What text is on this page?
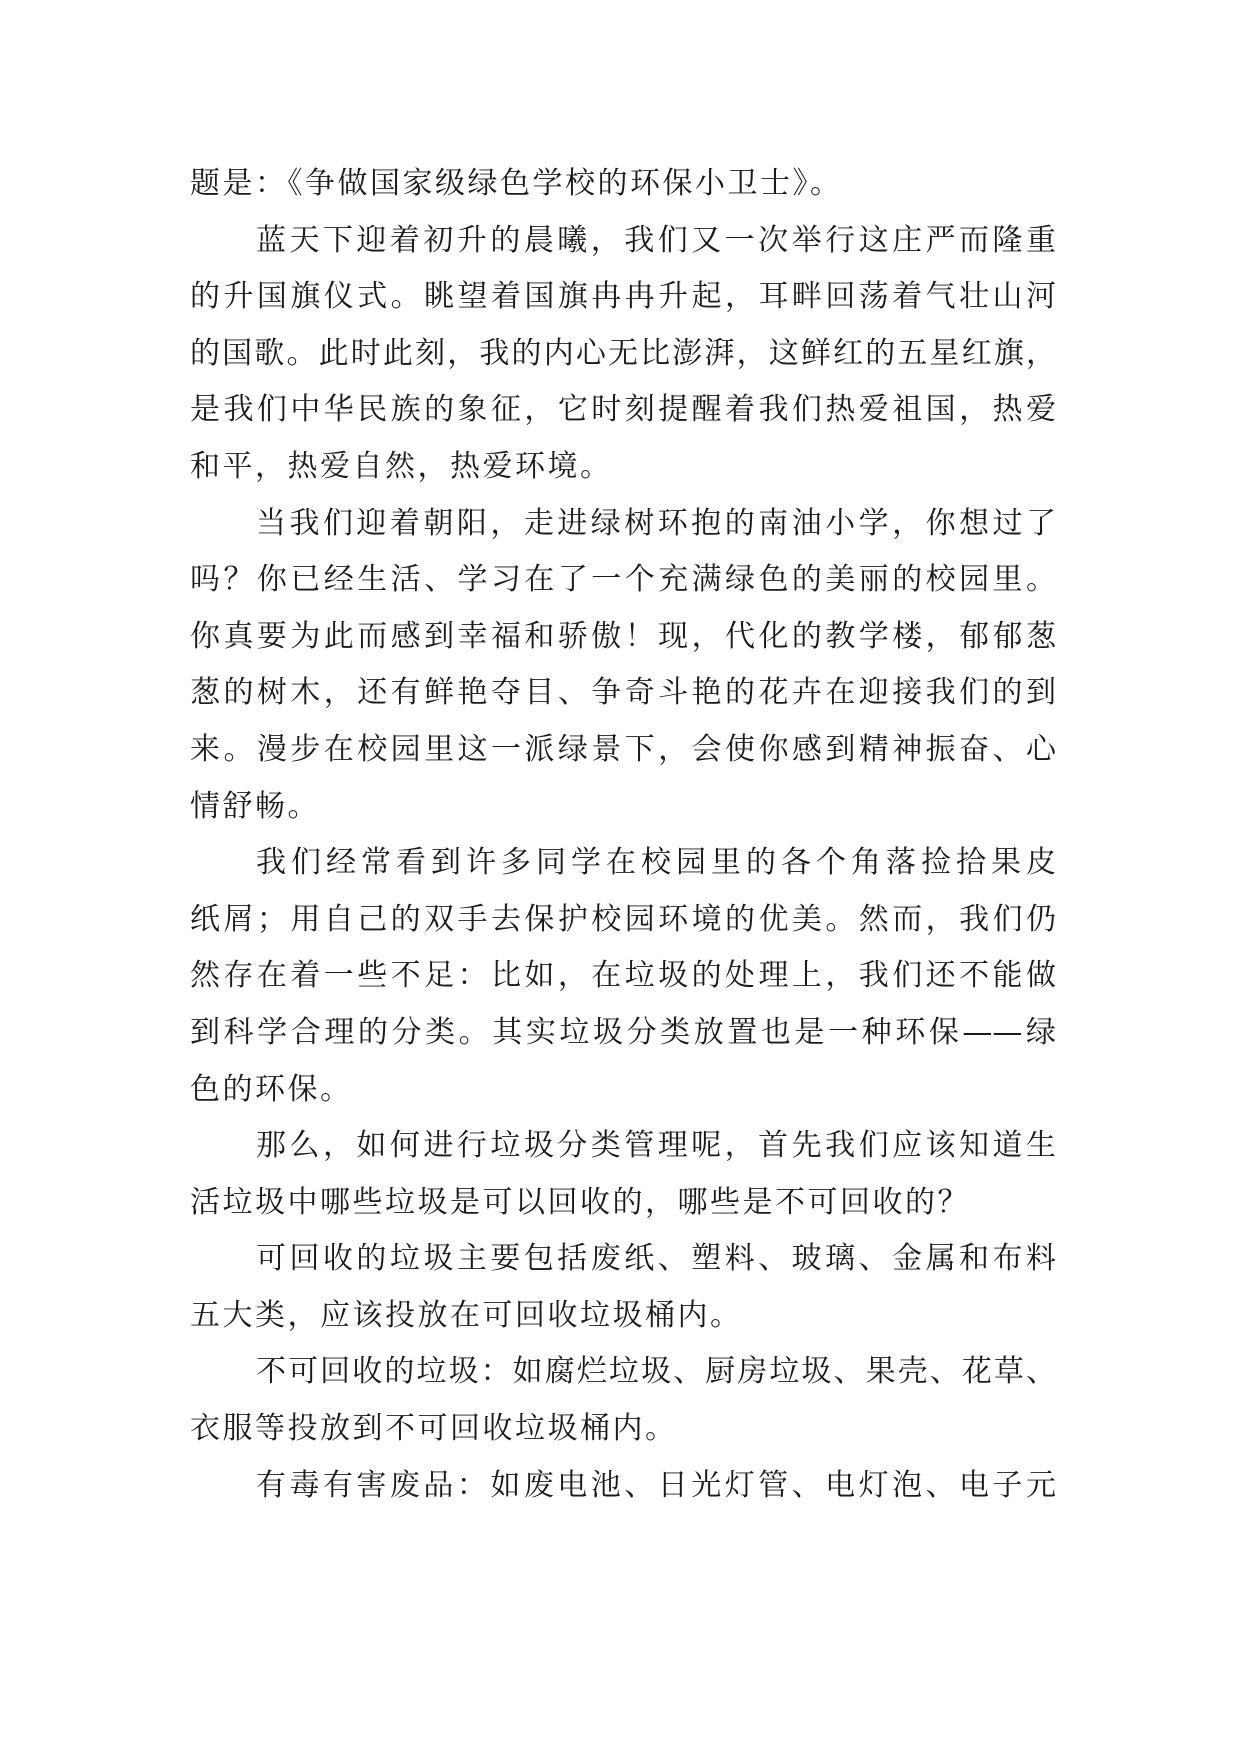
题是：《争做国家级绿色学校的环保小卫士》。
蓝天下迎着初升的晨曦，我们又一次举行这庄严而隆重
的升国旗仪式。眺望着国旗冉冉升起，耳畔回荡着气壮山河
的国歌。此时此刻，我的内心无比澎湃，这鲜红的五星红旗，
是我们中华民族的象征，它时刻提醒着我们热爱祖国，热爱
和平，热爱自然，热爱环境。
当我们迎着朝阳，走进绿树环抱的南油小学，你想过了
吗？你已经生活、学习在了一个充满绿色的美丽的校园里。
你真要为此而感到幸福和骄傲！现，代化的教学楼，郁郁葱
葱的树木，还有鲜艳夺目、争奇斗艳的花卉在迎接我们的到
来。漫步在校园里这一派绿景下，会使你感到精神振奋、心
情舒畅。
我们经常看到许多同学在校园里的各个角落捡拾果皮
纸屑；用自己的双手去保护校园环境的优美。然而，我们仍
然存在着一些不足：比如，在垃圾的处理上，我们还不能做
到科学合理的分类。其实垃圾分类放置也是一种环保——绿
色的环保。
那么，如何进行垃圾分类管理呢，首先我们应该知道生
活垃圾中哪些垃圾是可以回收的，哪些是不可回收的？
可回收的垃圾主要包括废纸、塑料、玻璃、金属和布料
五大类，应该投放在可回收垃圾桶内。
不可回收的垃圾：如腐烂垃圾、厨房垃圾、果壳、花草、
衣服等投放到不可回收垃圾桶内。
有毒有害废品：如废电池、日光灯管、电灯泡、电子元
